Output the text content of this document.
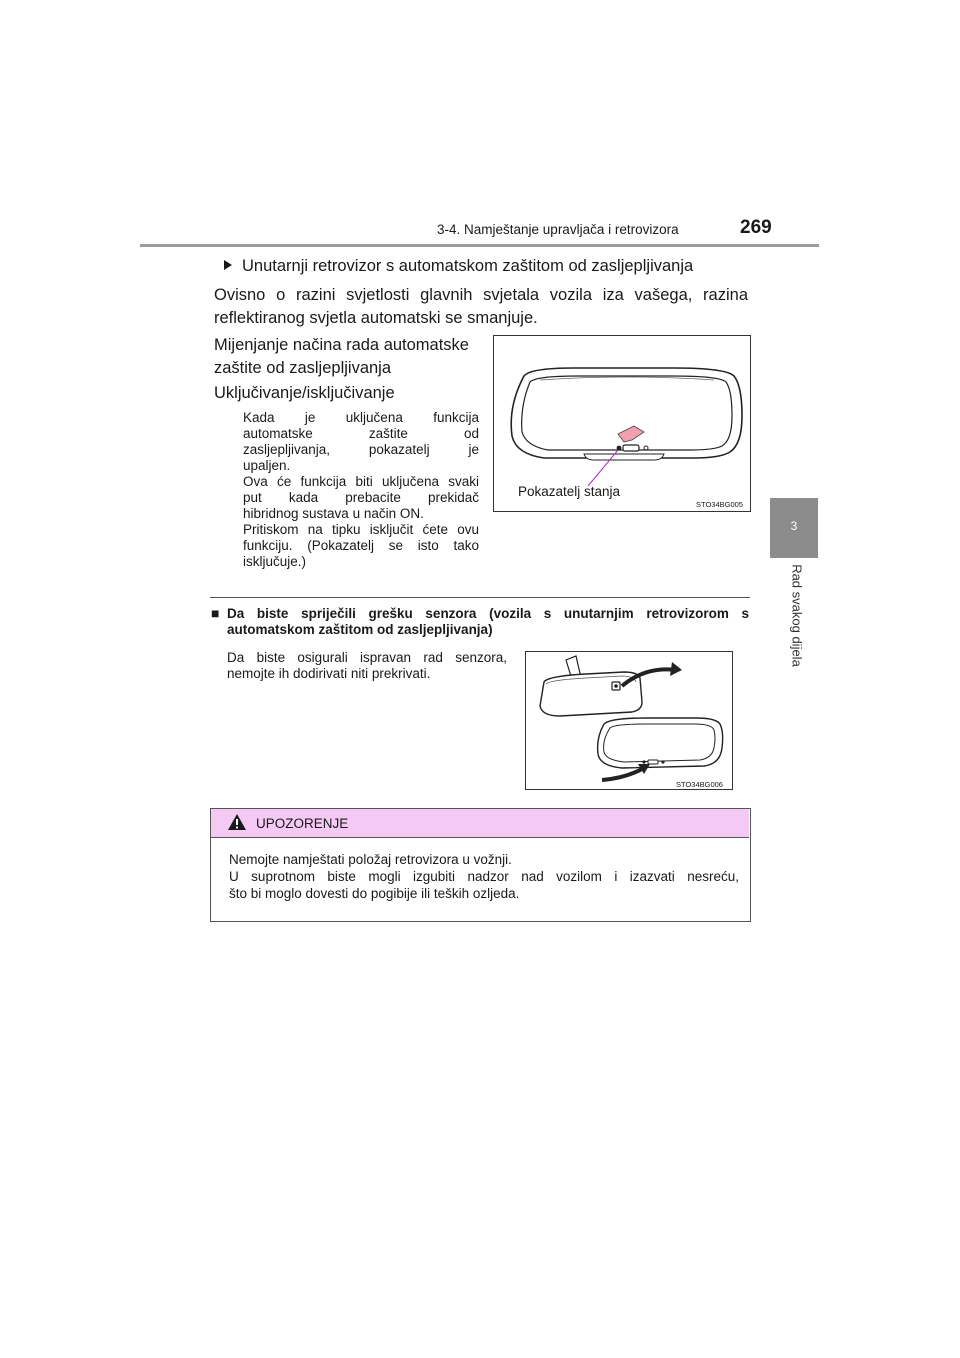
3-4. Namještanje upravljača i retrovizora	269
3
Rad svakog dijela
Unutarnji retrovizor s automatskom zaštitom od zasljepljivanja
Ovisno o razini svjetlosti glavnih svjetala vozila iza vašega, razina
reflektiranog svjetla automatski se smanjuje.
Mijenjanje načina rada automatske
zaštite od zasljepljivanja
Uključivanje/isključivanje
Kada je uključena funkcija
automatske zaštite od
zasljepljivanja, pokazatelj je
upaljen.
Ova će funkcija biti uključena svaki
put kada prebacite prekidač
hibridnog sustava u način ON.
Pritiskom na tipku isključit ćete ovu
funkciju. (Pokazatelj se isto tako
isključuje.)
Pokazatelj stanja
STO34BG005
■ Da biste spriječili grešku senzora (vozila s unutarnjim retrovizorom s
automatskom zaštitom od zasljepljivanja)
Da biste osigurali ispravan rad senzora,
nemojte ih dodirivati niti prekrivati.
STO34BG006
UPOZORENJE
Nemojte namještati položaj retrovizora u vožnji.
U suprotnom biste mogli izgubiti nadzor nad vozilom i izazvati nesreću,
što bi moglo dovesti do pogibije ili teških ozljeda.
